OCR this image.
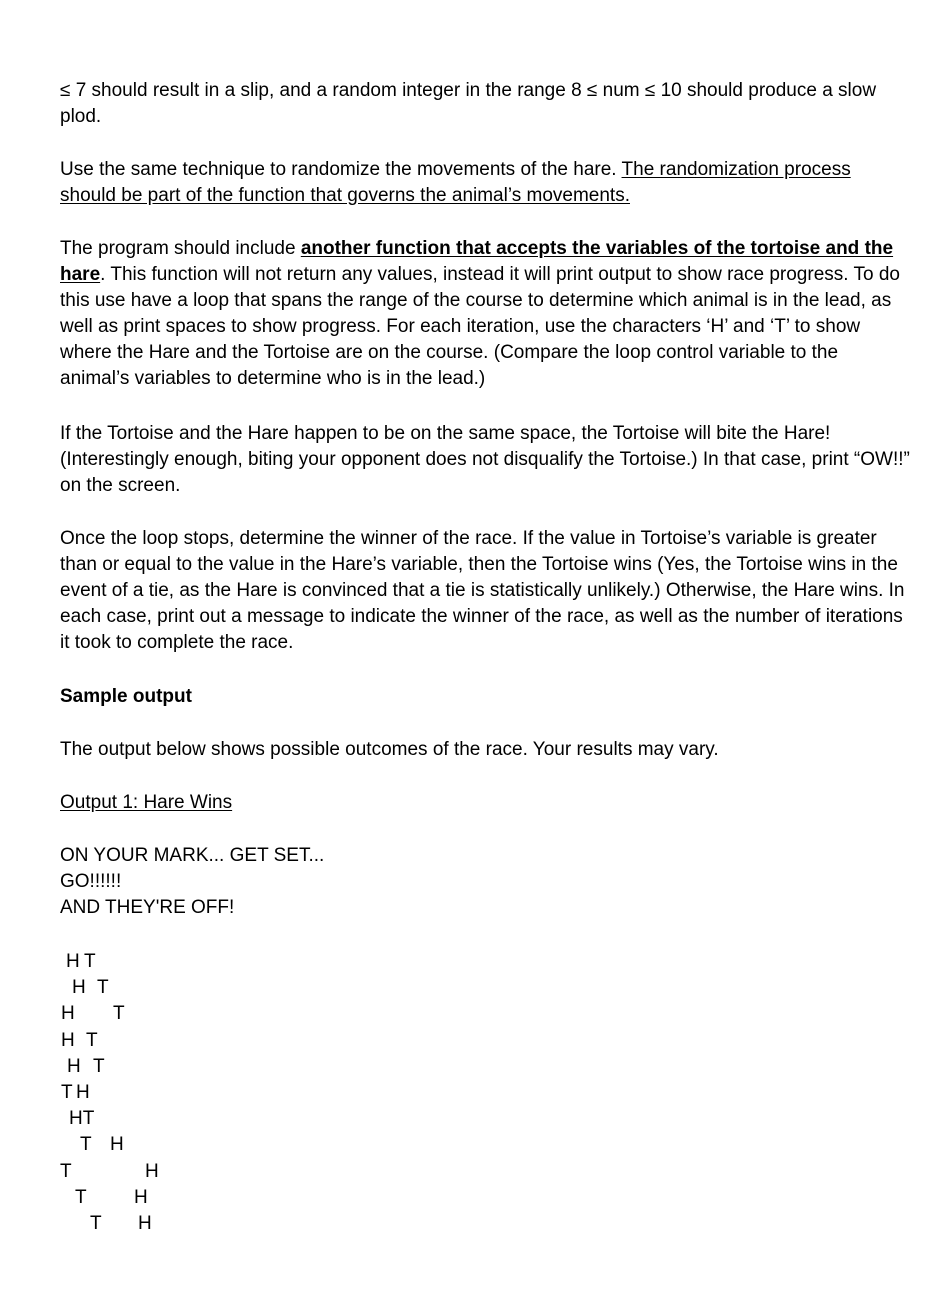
≤ 7 should result in a slip, and a random integer in the range 8 ≤ num ≤ 10 should produce a slow plod.

Use the same technique to randomize the movements of the hare. The randomization process should be part of the function that governs the animal’s movements.

The program should include another function that accepts the variables of the tortoise and the hare. This function will not return any values, instead it will print output to show race progress. To do this use have a loop that spans the range of the course to determine which animal is in the lead, as well as print spaces to show progress. For each iteration, use the characters ‘H’ and ‘T’ to show where the Hare and the Tortoise are on the course. (Compare the loop control variable to the animal’s variables to determine who is in the lead.)

If the Tortoise and the Hare happen to be on the same space, the Tortoise will bite the Hare! (Interestingly enough, biting your opponent does not disqualify the Tortoise.) In that case, print “OW!!” on the screen.

Once the loop stops, determine the winner of the race. If the value in Tortoise’s variable is greater than or equal to the value in the Hare’s variable, then the Tortoise wins (Yes, the Tortoise wins in the event of a tie, as the Hare is convinced that a tie is statistically unlikely.) Otherwise, the Hare wins. In each case, print out a message to indicate the winner of the race, as well as the number of iterations it took to complete the race.

Sample output

The output below shows possible outcomes of the race. Your results may vary.

Output 1: Hare Wins

ON YOUR MARK... GET SET...
GO!!!!!!
AND THEY'RE OFF!
H T
H T
H T
H T
H T
T H
HT
T H
T	H
T H
T H
